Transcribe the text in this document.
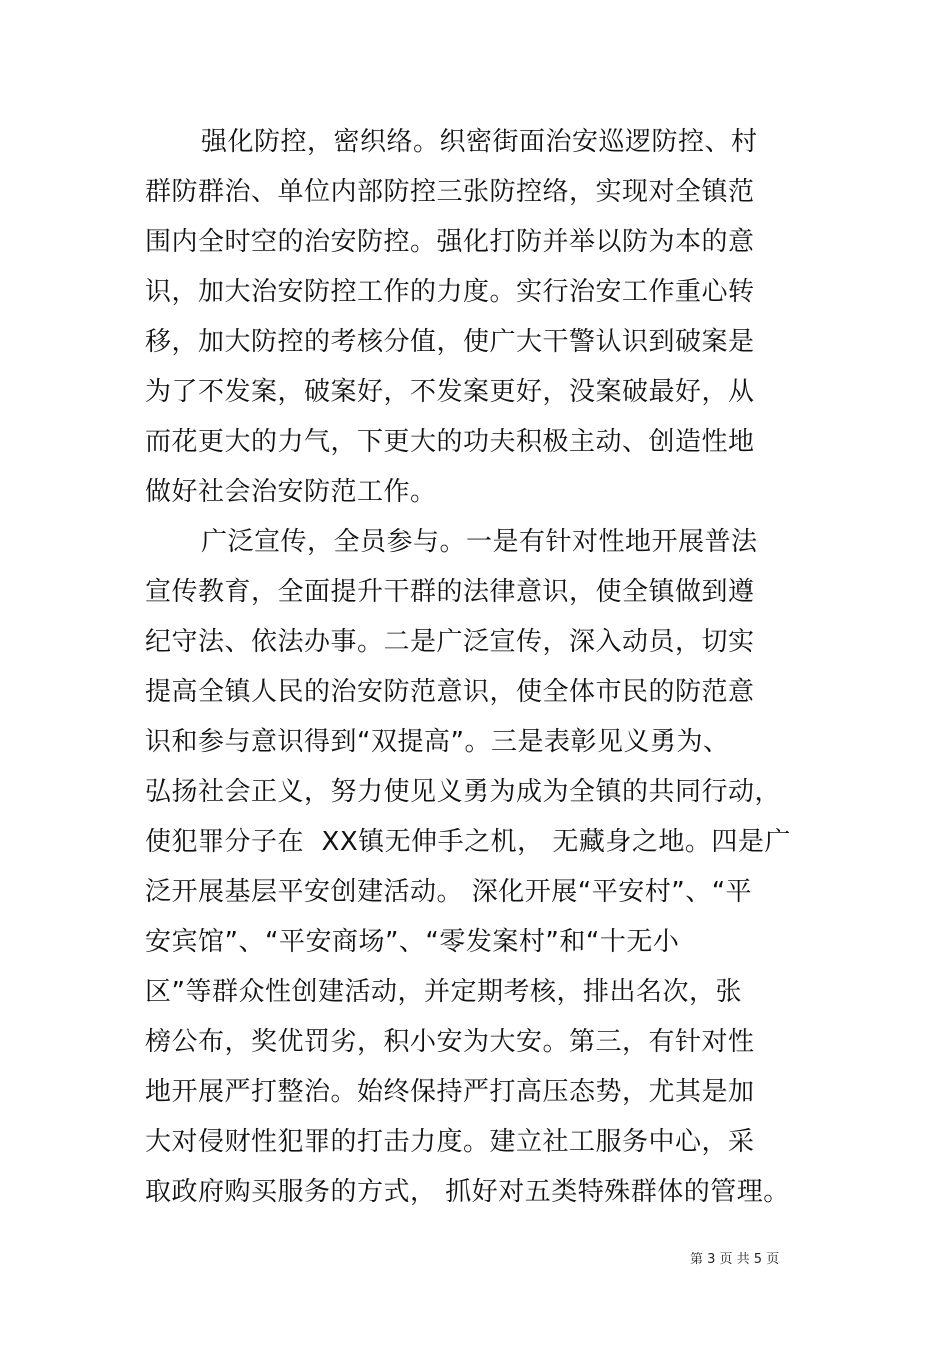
强化防控，密织络。织密街面治安巡逻防控、村
群防群治、单位内部防控三张防控络，实现对全镇范
围内全时空的治安防控。强化打防并举以防为本的意
识，加大治安防控工作的力度。实行治安工作重心转
移，加大防控的考核分值，使广大干警认识到破案是
为了不发案，破案好，不发案更好，没案破最好，从
而花更大的力气，下更大的功夫积极主动、创造性地
做好社会治安防范工作。
广泛宣传，全员参与。一是有针对性地开展普法
宣传教育，全面提升干群的法律意识，使全镇做到遵
纪守法、依法办事。二是广泛宣传，深入动员，切实
提高全镇人民的治安防范意识，使全体市民的防范意
识和参与意识得到“双提高”。三是表彰见义勇为、
弘扬社会正义，努力使见义勇为成为全镇的共同行动，
使犯罪分子在  XX镇无伸手之机， 无藏身之地。四是广
泛开展基层平安创建活动。 深化开展“平安村”、“平
安宾馆”、“平安商场”、“零发案村”和“十无小
区”等群众性创建活动，并定期考核，排出名次，张
榜公布，奖优罚劣，积小安为大安。第三，有针对性
地开展严打整治。始终保持严打高压态势，尤其是加
大对侵财性犯罪的打击力度。建立社工服务中心，采
取政府购买服务的方式， 抓好对五类特殊群体的管理。
第 3 页 共 5 页
